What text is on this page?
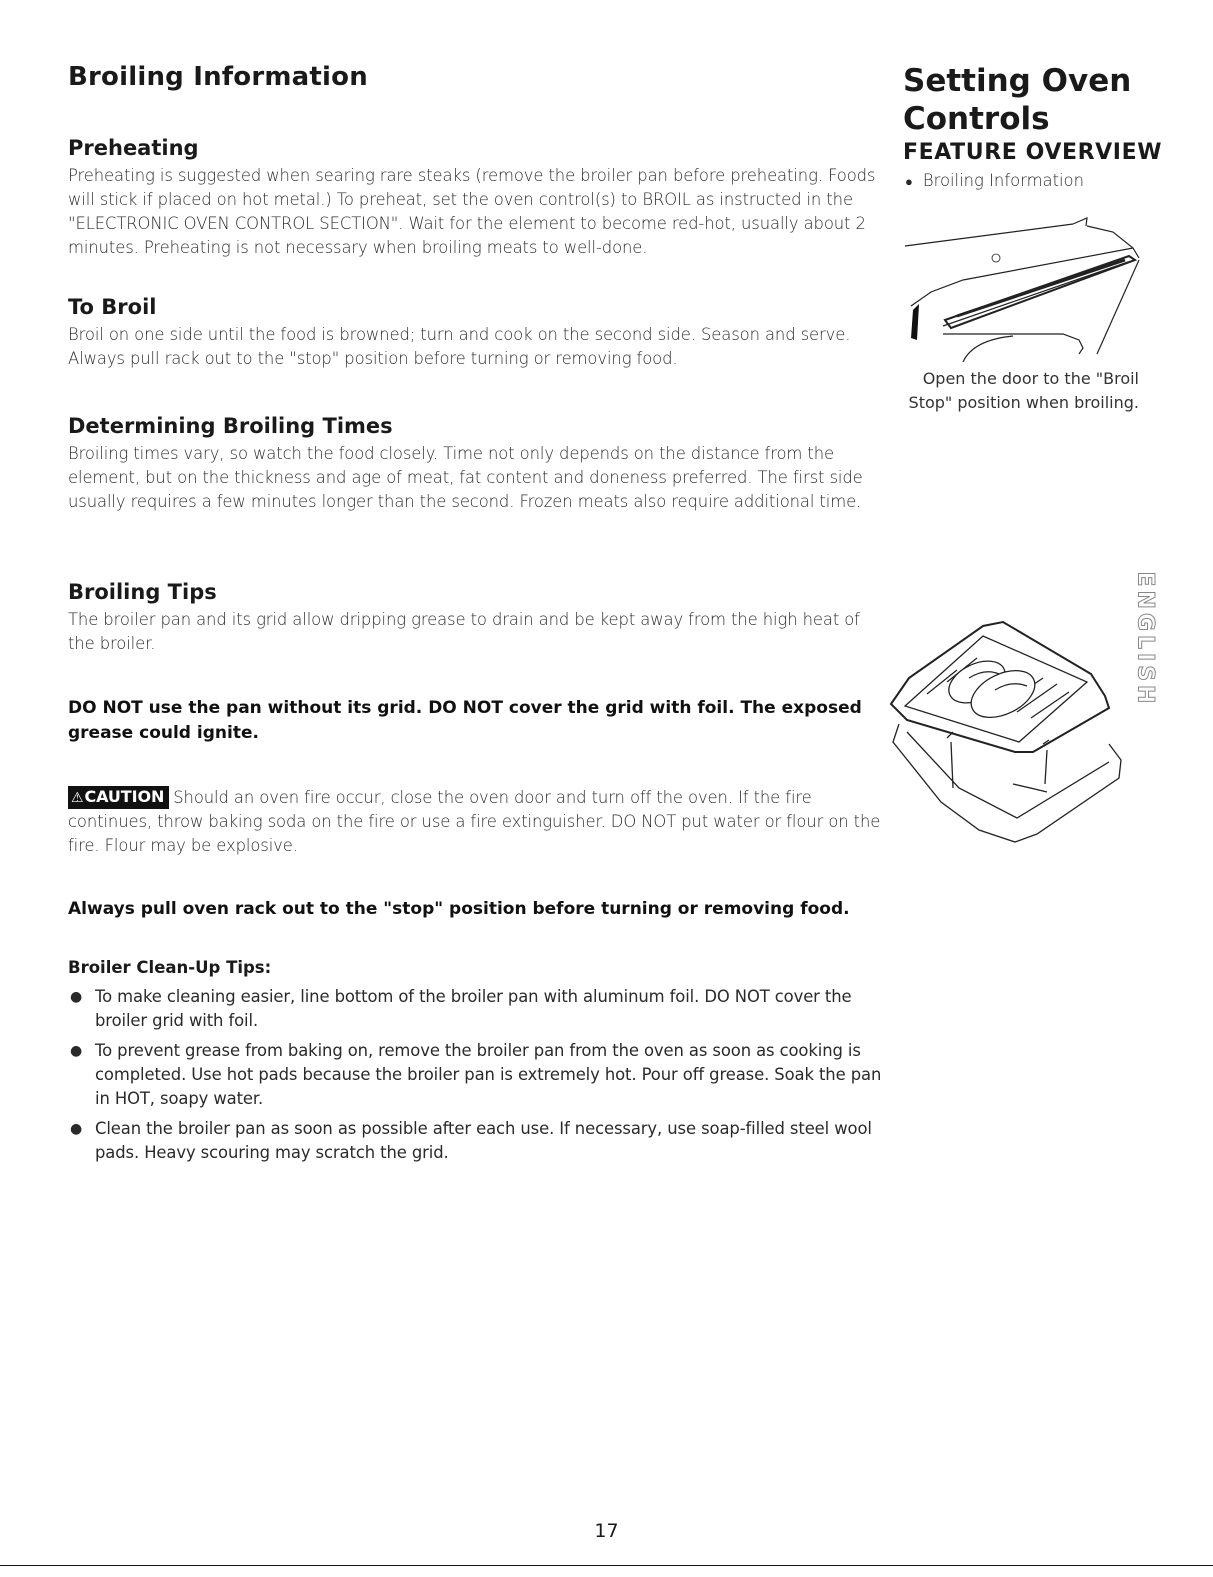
Broiling Information
Preheating

Preheating is suggested when searing rare steaks (remove the broiler pan before preheating. Foods will stick if placed on hot metal.) To preheat, set the oven control(s) to BROIL as instructed in the "ELECTRONIC OVEN CONTROL SECTION". Wait for the element to become red-hot, usually about 2 minutes. Preheating is not necessary when broiling meats to well-done.

To Broil

Broil on one side until the food is browned; turn and cook on the second side. Season and serve. Always pull rack out to the "stop" position before turning or removing food.

Determining Broiling Times

Broiling times vary, so watch the food closely. Time not only depends on the distance from the element, but on the thickness and age of meat, fat content and doneness preferred. The first side usually requires a few minutes longer than the second. Frozen meats also require additional time.

Broiling Tips

The broiler pan and its grid allow dripping grease to drain and be kept away from the high heat of the broiler.

DO NOT use the pan without its grid. DO NOT cover the grid with foil. The exposed grease could ignite.

⚠CAUTION Should an oven fire occur, close the oven door and turn off the oven. If the fire continues, throw baking soda on the fire or use a fire extinguisher. DO NOT put water or flour on the fire. Flour may be explosive.

Always pull oven rack out to the "stop" position before turning or removing food.

Broiler Clean-Up Tips:
● To make cleaning easier, line bottom of the broiler pan with aluminum foil. DO NOT cover the broiler grid with foil.
● To prevent grease from baking on, remove the broiler pan from the oven as soon as cooking is completed. Use hot pads because the broiler pan is extremely hot. Pour off grease. Soak the pan in HOT, soapy water.
● Clean the broiler pan as soon as possible after each use. If necessary, use soap-filled steel wool pads. Heavy scouring may scratch the grid.
Setting Oven Controls
FEATURE OVERVIEW
● Broiling Information
Open the door to the "Broil Stop" position when broiling.
ENGLISH
17
